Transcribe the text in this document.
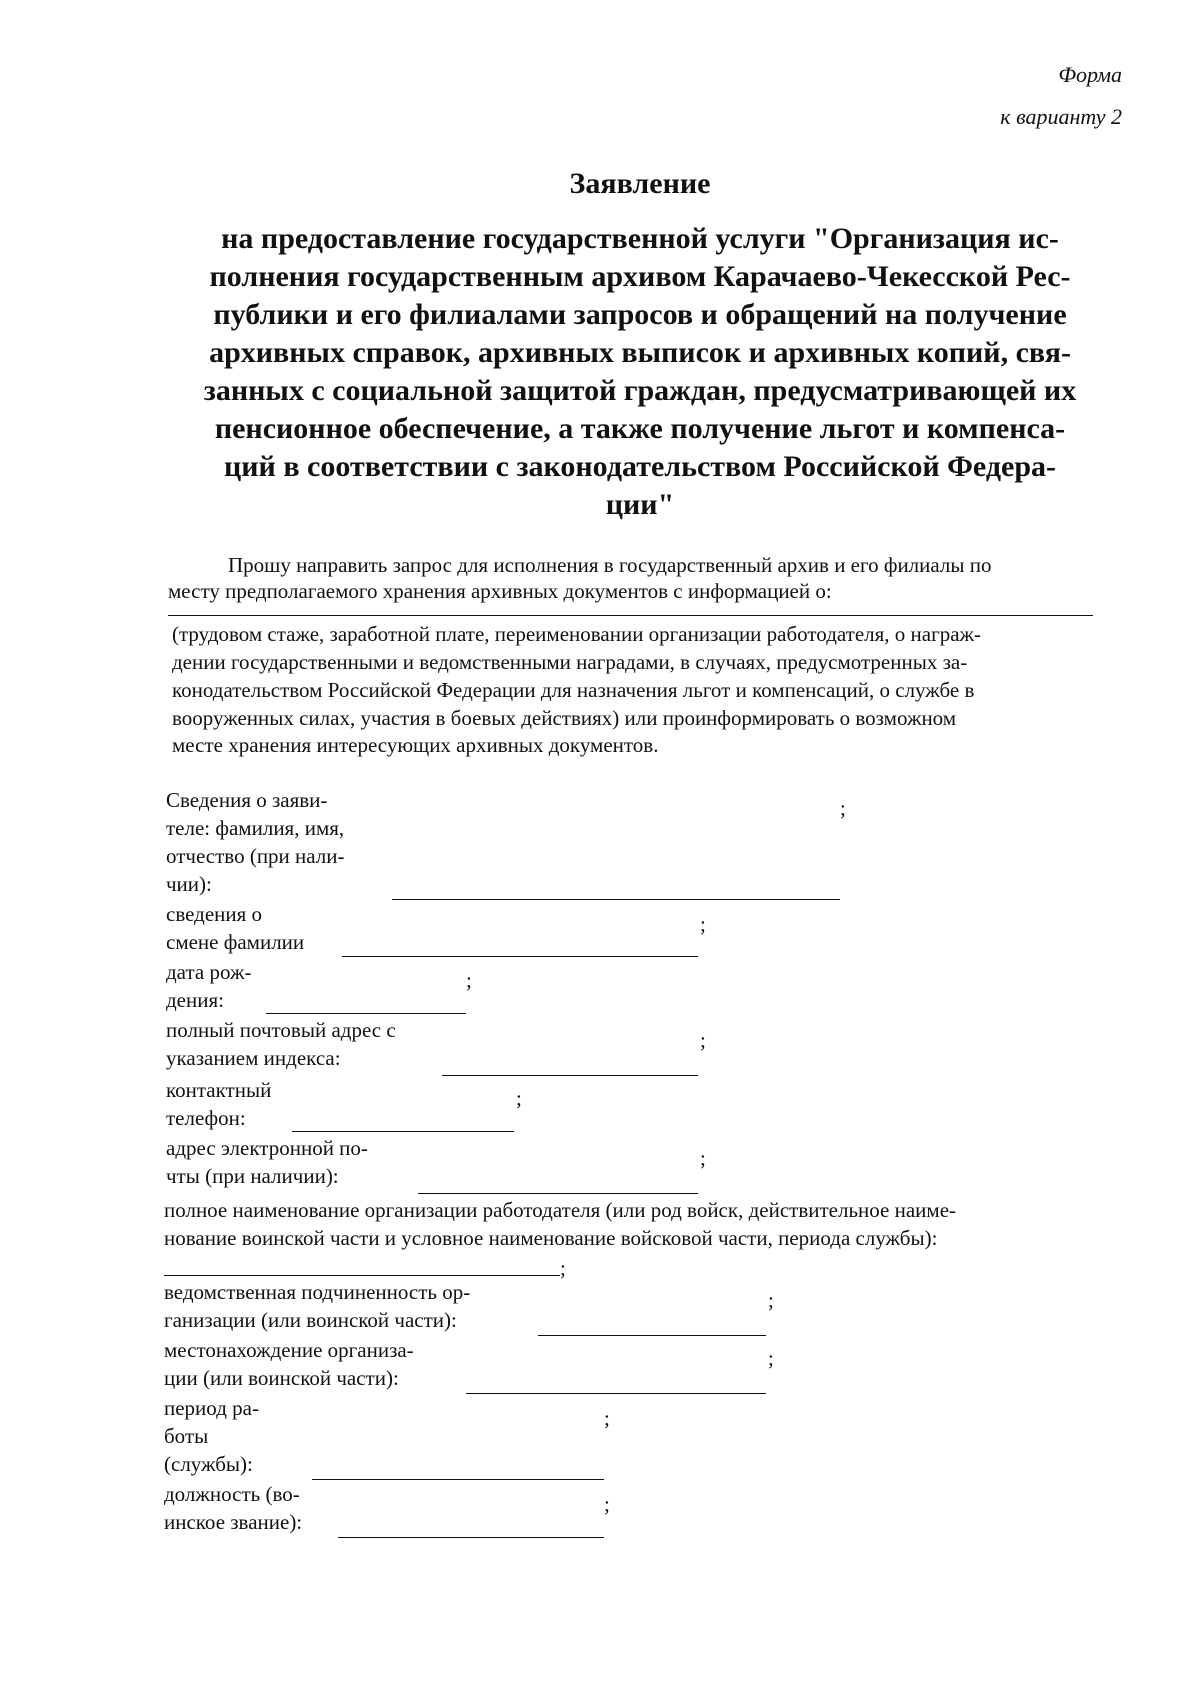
Форма
к варианту 2
Заявление
на предоставление государственной услуги "Организация ис-
полнения государственным архивом Карачаево-Чекесской Рес-
публики и его филиалами запросов и обращений на получение
архивных справок, архивных выписок и архивных копий, свя-
занных с социальной защитой граждан, предусматривающей их
пенсионное обеспечение, а также получение льгот и компенса-
ций в соответствии с законодательством Российской Федера-
ции"
Прошу направить запрос для исполнения в государственный архив и его филиалы по
месту предполагаемого хранения архивных документов с информацией о:
(трудовом стаже, заработной плате, переименовании организации работодателя, о награж-
дении государственными и ведомственными наградами, в случаях, предусмотренных за-
конодательством Российской Федерации для назначения льгот и компенсаций, о службе в
вооруженных силах, участия в боевых действиях) или проинформировать о возможном
месте хранения интересующих архивных документов.
Сведения о заяви-
теле: фамилия, имя,
отчество (при нали-
чии):
;
сведения о
смене фамилии
;
дата рож-
дения:
;
полный почтовый адрес с
указанием индекса:
;
контактный
телефон:
;
адрес электронной по-
чты (при наличии):
;
полное наименование организации работодателя (или род войск, действительное наиме-
нование воинской части и условное наименование войсковой части, периода службы):
;
ведомственная подчиненность ор-
ганизации (или воинской части):
;
местонахождение организа-
ции (или воинской части):
;
период ра-
боты
(службы):
;
должность (во-
инское звание):
;
